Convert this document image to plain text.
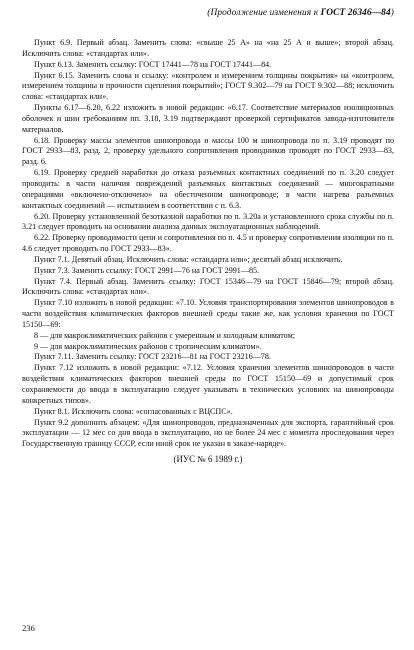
(Продолжение изменения к ГОСТ 26346—84)

Пункт 6.9. Первый абзац. Заменить слова: «свыше 25 А» на «на 25 А и выше»; второй абзац. Исключить слова: «стандартах или».

Пункт 6.13. Заменить ссылку: ГОСТ 17441—78 на ГОСТ 17441—84.

Пункт 6.15. Заменить слова и ссылку: «контролем и измерением толщины покрытия» на «контролем, измерением толщины и прочности сцепления покрытий»; ГОСТ 9.302—79 на ГОСТ 9.302—88; исключить слова: «стандартах или».

Пункты 6.17—6.20, 6.22 изложить в новой редакции: «6.17. Соответствие материалов изоляционных оболочек и шин требованиям пп. 3.18, 3.19 подтверждают проверкой сертификатов завода-изготовителя материалов.

6.18. Проверку массы элементов шинопровода и массы 100 м шинопровода по п. 3.19 проводят по ГОСТ 2933—83, разд. 2, проверку удельного сопротивления проводников проводят по ГОСТ 2933—83, разд. 6.

6.19. Проверку средней наработки до отказа разъемных контактных соединений по п. 3.20 следует проводить: в части наличия повреждений разъемных контактных соединений — многократными операциями «включено-отключено» на обесточенном шинопроводе; в части нагрева разъемных контактных соединений — испытанием в соответствии с п. 6.3.

6.20. Проверку установленной безотказной наработки по п. 3.20а и установленного срока службы по п. 3.21 следует проводить на основании анализа данных эксплуатационных наблюдений.

6.22. Проверку проводимости цепи и сопротивления по п. 4.5 и проверку сопротивления изоляции по п. 4.6 следует проводить по ГОСТ 2933—83».

Пункт 7.1. Девятый абзац. Исключить слова: «стандарта или»; десятый абзац исключить.

Пункт 7.3. Заменить ссылку: ГОСТ 2991—76 на ГОСТ 2991—85.

Пункт 7.4. Первый абзац. Заменить ссылку: ГОСТ 15346—79 на ГОСТ 15846—79; второй абзац. Исключить слова: «стандартах или».

Пункт 7.10 изложить в новой редакции: «7.10. Условия транспортирования элементов шинопроводов в части воздействия климатических факторов внешней среды такие же, как условия хранения по ГОСТ 15150—69:

8 — для макроклиматических районов с умеренным и холодным климатом;

9 — для макроклиматических районов с тропическим климатом».

Пункт 7.11. Заменить ссылку: ГОСТ 23216—81 на ГОСТ 23216—78.

Пункт 7.12 изложить в новой редакции: «7.12. Условия хранения элементов шинопроводов в части воздействия климатических факторов внешней среды по ГОСТ 15150—69 и допустимый срок сохраняемости до ввода в эксплуатацию следует указывать в технических условиях на шинопроводы конкретных типов».

Пункт 8.1. Исключить слова: «согласованных с ВЦСПС».

Пункт 9.2 дополнить абзацем: «Для шинопроводов, предназначенных для экспорта, гарантийный срок эксплуатации — 12 мес со дня ввода в эксплуатацию, но не более 24 мес с момента проследования через Государственную границу СССР, если иной срок не указан в заказе-наряде».

(ИУС № 6 1989 г.)

236
